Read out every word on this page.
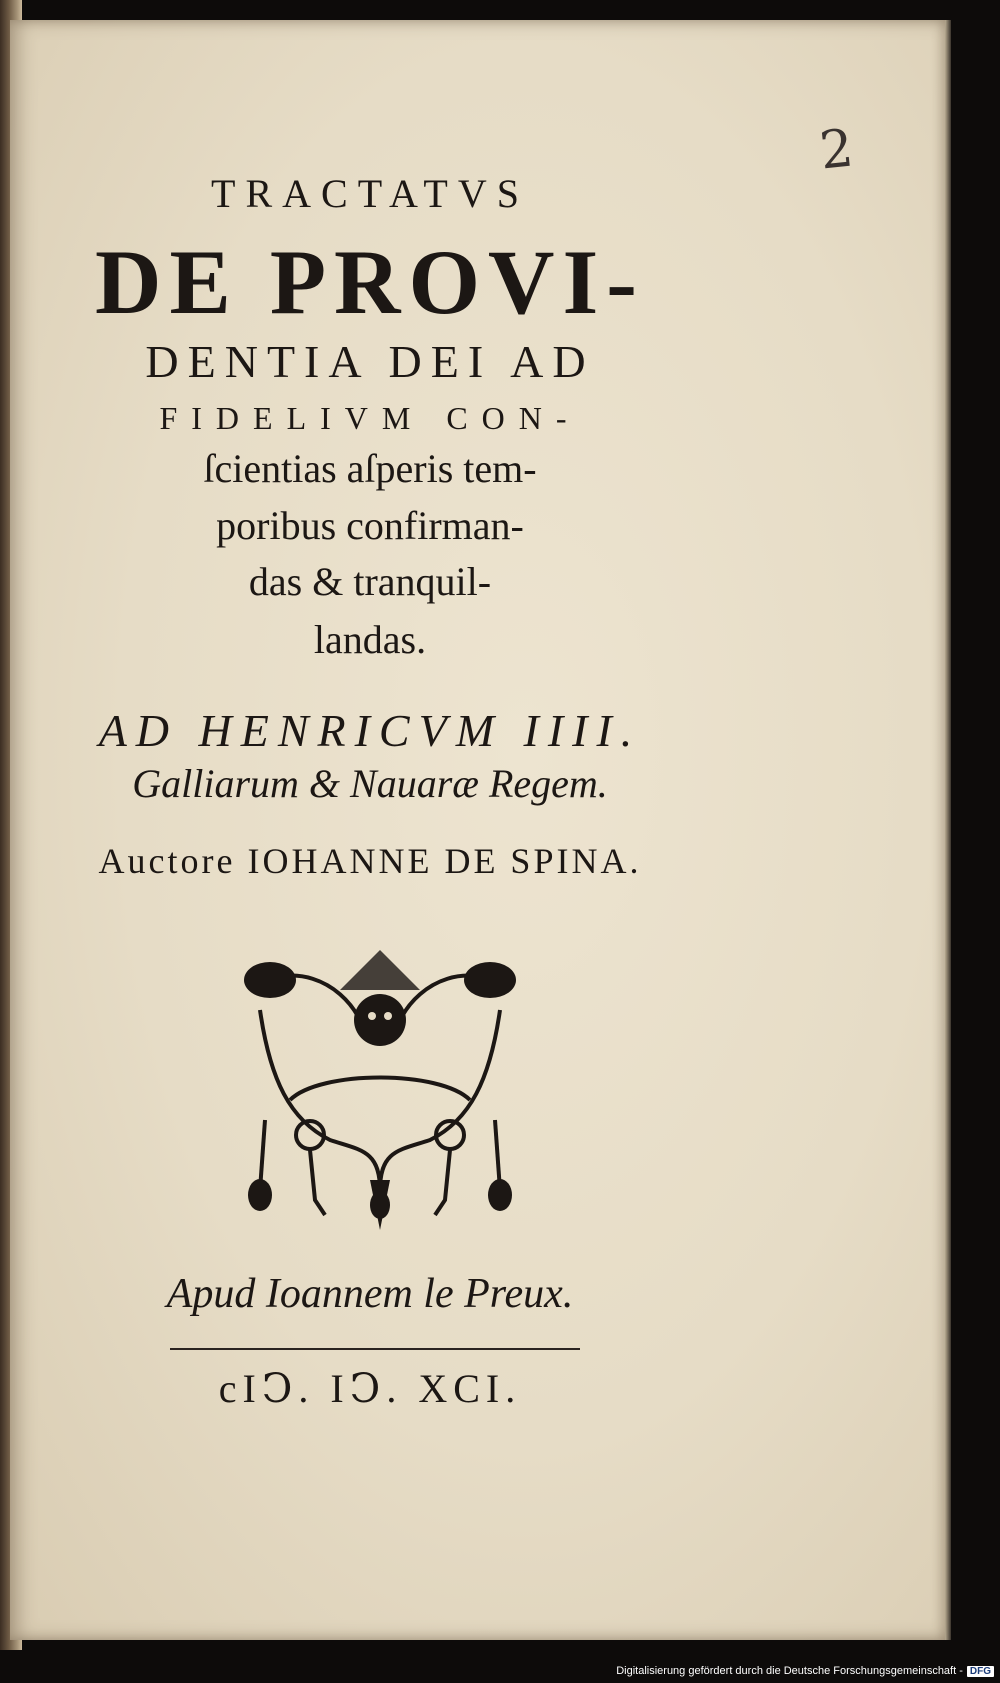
TRACTATVS
DE PROVI-
DENTIA DEI AD
FIDELIVM CON-
ſcientias aſperis tem-
poribus confirman-
das & tranquil-
landas.
AD HENRICVM IIII.
Galliarum & Nauaræ Regem.
Auctore IOHANNE DE SPINA.
Apud Ioannem le Preux.
cIↃ. IↃ. XCI.
2
Digitalisierung gefördert durch die Deutsche Forschungsgemeinschaft - DFG
